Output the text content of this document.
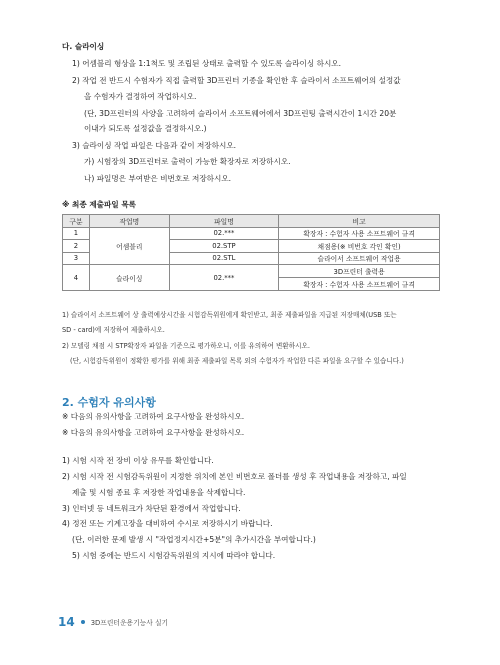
다. 슬라이싱
1) 어셈블리 형상을 1:1척도 및 조립된 상태로 출력할 수 있도록 슬라이싱 하시오.
2) 작업 전 반드시 수험자가 직접 출력할 3D프린터 기종을 확인한 후 슬라이서 소프트웨어의 설정값
을 수험자가 결정하여 작업하시오.
(단, 3D프린터의 사양을 고려하여 슬라이서 소프트웨어에서 3D프린팅 출력시간이 1시간 20분
이내가 되도록 설정값을 결정하시오.)
3) 슬라이싱 작업 파일은 다음과 같이 저장하시오.
가) 시험장의 3D프린터로 출력이 가능한 확장자로 저장하시오.
나) 파일명은 부여받은 비번호로 저장하시오.
※ 최종 제출파일 목록
구분	작업명	파일명	비고
1	어셈블리	02.***	확장자 : 수험자 사용 소프트웨어 규격
2		02.STP	채점용(※ 비번호 각인 확인)
3		02.STL	슬라이서 소프트웨어 작업용
4	슬라이싱	02.***	3D프린터 출력용
			확장자 : 수험자 사용 소프트웨어 규격
1) 슬라이서 소프트웨어 상 출력예상시간을 시험감독위원에게 확인받고, 최종 제출파일을 지급된 저장매체(USB 또는
SD - card)에 저장하여 제출하시오.
2) 모델링 채점 시 STP확장자 파일을 기준으로 평가하오니, 이를 유의하여 변환하시오.
(단, 시험감독위원이 정확한 평가를 위해 최종 제출파일 목록 외의 수험자가 작업한 다른 파일을 요구할 수 있습니다.)
2. 수험자 유의사항
※ 다음의 유의사항을 고려하여 요구사항을 완성하시오.
※ 다음의 유의사항을 고려하여 요구사항을 완성하시오.
1) 시험 시작 전 장비 이상 유무를 확인합니다.
2) 시험 시작 전 시험감독위원이 지정한 위치에 본인 비번호로 폴더를 생성 후 작업내용을 저장하고, 파일
제출 및 시험 종료 후 저장한 작업내용을 삭제합니다.
3) 인터넷 등 네트워크가 차단된 환경에서 작업합니다.
4) 정전 또는 기계고장을 대비하여 수시로 저장하시기 바랍니다.
(단, 이러한 문제 발생 시 "작업정지시간+5분"의 추가시간을 부여합니다.)
5) 시험 중에는 반드시 시험감독위원의 지시에 따라야 합니다.
14 3D프린터운용기능사 실기
